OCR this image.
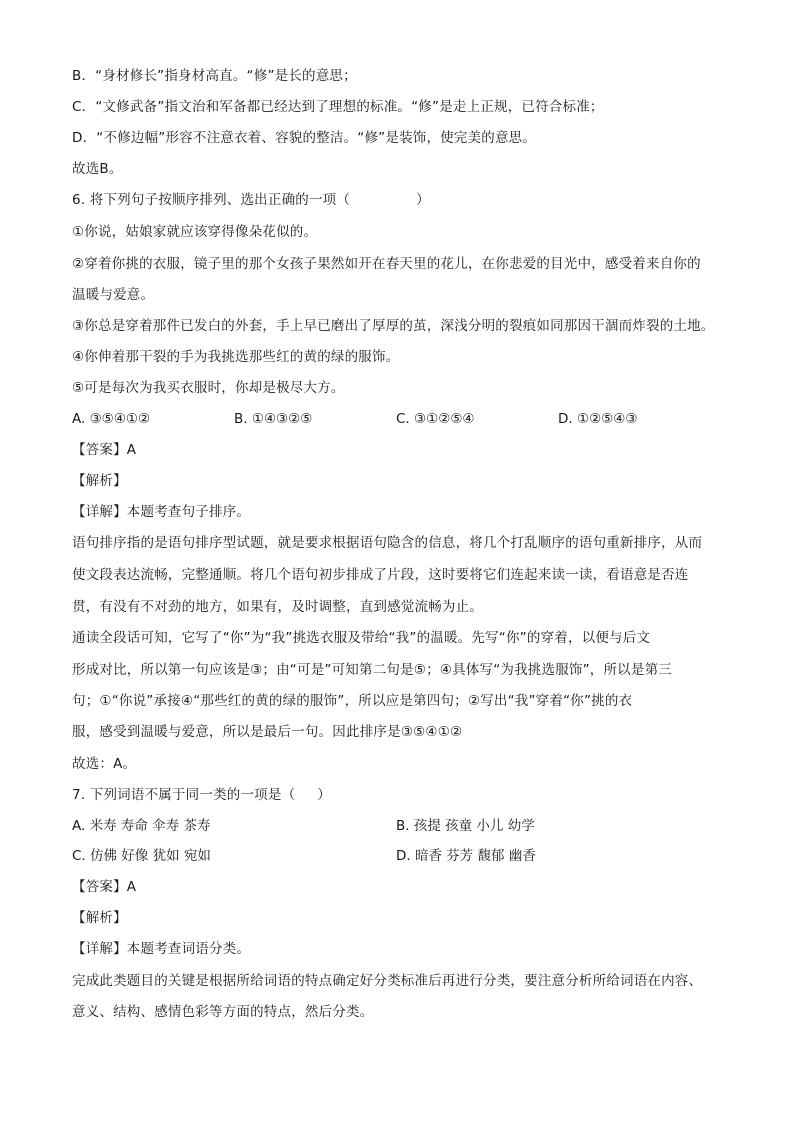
B．“身材修长”指身材高直。“修”是长的意思；
C．“文修武备”指文治和军备都已经达到了理想的标准。“修”是走上正规，已符合标准；
D．“不修边幅”形容不注意衣着、容貌的整洁。“修”是装饰，使完美的意思。
故选B。
6. 将下列句子按顺序排列、选出正确的一项（	）
①你说，姑娘家就应该穿得像朵花似的。
②穿着你挑的衣服，镜子里的那个女孩子果然如开在春天里的花儿，在你悲爱的目光中，感受着来自你的
温暖与爱意。
③你总是穿着那件已发白的外套，手上早已磨出了厚厚的茧，深浅分明的裂痕如同那因干涸而炸裂的土地。
④你伸着那干裂的手为我挑选那些红的黄的绿的服饰。
⑤可是每次为我买衣服时，你却是极尽大方。
A. ③⑤④①②	B. ①④③②⑤	C. ③①②⑤④	D. ①②⑤④③
【答案】A
【解析】
【详解】本题考查句子排序。
语句排序指的是语句排序型试题，就是要求根据语句隐含的信息，将几个打乱顺序的语句重新排序，从而
使文段表达流畅，完整通顺。将几个语句初步排成了片段，这时要将它们连起来读一读，看语意是否连
贯，有没有不对劲的地方，如果有，及时调整，直到感觉流畅为止。
通读全段话可知，它写了“你”为“我”挑选衣服及带给“我”的温暖。先写“你”的穿着，以便与后文
形成对比，所以第一句应该是③；由“可是”可知第二句是⑤；④具体写“为我挑选服饰”，所以是第三
句；①“你说”承接④“那些红的黄的绿的服饰”，所以应是第四句；②写出“我”穿着“你”挑的衣
服，感受到温暖与爱意，所以是最后一句。因此排序是③⑤④①②
故选：A。
7. 下列词语不属于同一类的一项是（ ）
A. 米寿 寿命 伞寿 茶寿	B. 孩提 孩童 小儿 幼学
C. 仿佛 好像 犹如 宛如	D. 暗香 芬芳 馥郁 幽香
【答案】A
【解析】
【详解】本题考查词语分类。
完成此类题目的关键是根据所给词语的特点确定好分类标准后再进行分类，要注意分析所给词语在内容、
意义、结构、感情色彩等方面的特点，然后分类。
